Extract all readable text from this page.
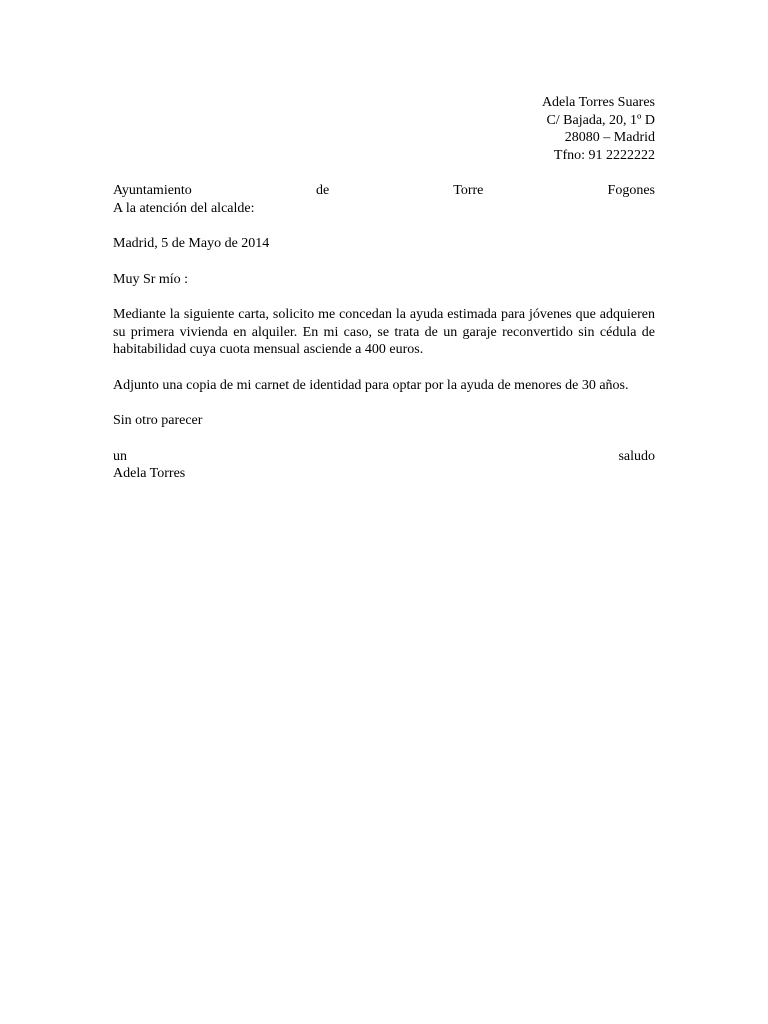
Adela Torres Suares
C/ Bajada, 20, 1º D
28080 – Madrid
Tfno: 91 2222222
Ayuntamiento	de	Torre	Fogones
A la atención del alcalde:
Madrid, 5 de Mayo de 2014
Muy Sr mío :

Mediante la siguiente carta, solicito me concedan la ayuda estimada para jóvenes que adquieren su primera vivienda en alquiler. En mi caso, se trata de un garaje reconvertido sin cédula de habitabilidad cuya cuota mensual asciende a 400 euros.

Adjunto una copia de mi carnet de identidad para optar por la ayuda de menores de 30 años.

Sin otro parecer
un	saludo
Adela Torres
